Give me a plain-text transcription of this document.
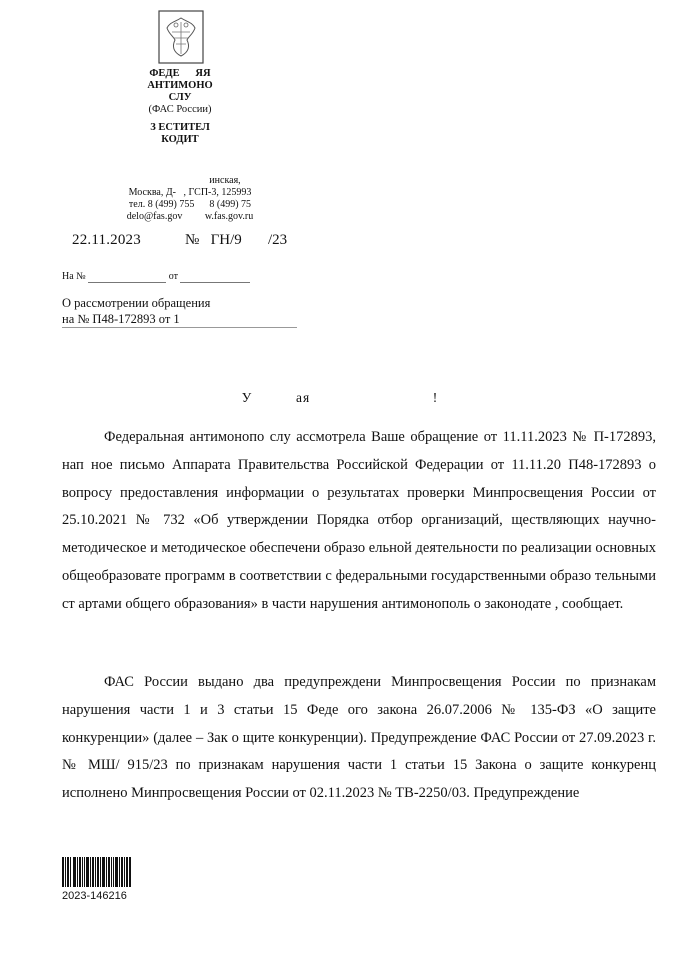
ФЕДЕ ЯЯ
АНТИМОНО
СЛУ
(ФАС России)
З ЕСТИТЕЛ
КОДИТ
инская,
Москва, Д- , ГСП-3, 125993
тел. 8 (499) 755 8 (499) 75
delo@fas.gov w.fas.gov.ru
22.11.2023	№ ГН/9 /23
На №	от
О рассмотрении обращения
на № П48-172893 от 1
У	ая	!
Федеральная антимонопо слу ассмотрела Ваше обращение от 11.11.2023 № П-172893, нап ное письмо Аппарата Правительства Российской Федерации от 11.11.20 П48-172893 о вопросу предоставления информации о результатах проверки Минпросвещения России от 25.10.2021 № 732 «Об утверждении Порядка отбор организаций, ществляющих научно-методическое и методическое обеспечени образо ельной деятельности по реализации основных общеобразовате программ в соответствии с федеральными государственными образо тельными ст артами общего образования» в части нарушения антимонополь о законодате , сообщает.
ФАС России выдано два предупреждени Минпросвещения России по признакам нарушения части 1 и 3 статьи 15 Феде ого закона 26.07.2006 № 135-ФЗ «О защите конкуренции» (далее – Зак о щите конкуренции). Предупреждение ФАС России от 27.09.2023 г. № МШ/ 915/23 по признакам нарушения части 1 статьи 15 Закона о защите конкуренц исполнено Минпросвещения России от 02.11.2023 № ТВ-2250/03. Предупреждение
2023-146216
